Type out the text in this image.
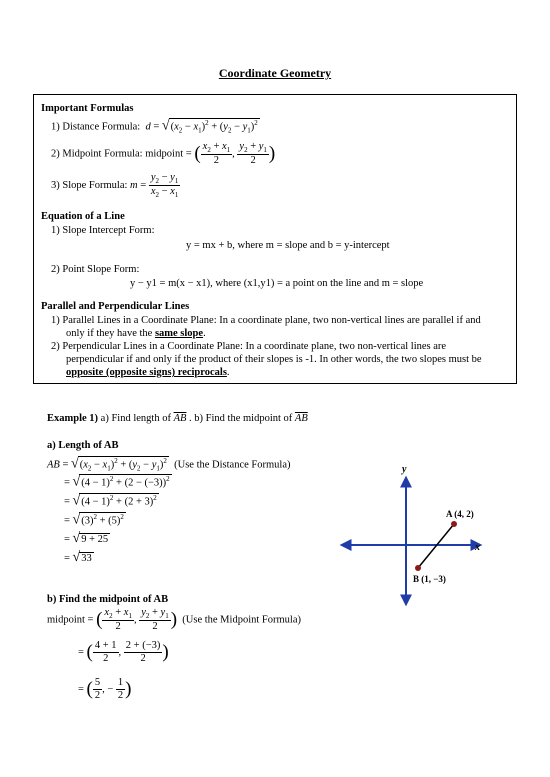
Coordinate Geometry
Important Formulas
1) Distance Formula:  $d = √(x_2 - x_1)^2 + (y_2 - y_1)^2$
2) Midpoint Formula: midpoint = ( $\frac{x_2 + x_1}{2}$ , $\frac{y_2 + y_1}{2}$ )
3) Slope Formula: $m = \frac{y_2 - y_1}{x_2 - x_1}$
Equation of a Line
1) Slope Intercept Form:
y = mx + b, where m = slope and b = y-intercept
2) Point Slope Form:
y − y1 = m(x − x1), where (x1,y1) = a point on the line and m = slope
Parallel and Perpendicular Lines
1) Parallel Lines in a Coordinate Plane: In a coordinate plane, two non-vertical lines are parallel if and
only if they have the same slope.
2) Perpendicular Lines in a Coordinate Plane: In a coordinate plane, two non-vertical lines are
perpendicular if and only if the product of their slopes is -1. In other words, the two slopes must be
opposite (opposite signs) reciprocals.
Example 1) a) Find length of $\overline{AB}$ . b) Find the midpoint of $\overline{AB}$
a) Length of AB
AB = $√(x_2 - x_1)^2 + (y_2 - y_1)^2$ (Use the Distance Formula)
= $√(4 - 1)^2 + (2 - (-3))^2$
= $√(4 - 1)^2 + (2 + 3)^2$
= $√(3)^2 + (5)^2$
= √9 + 25
= √33
b) Find the midpoint of AB
midpoint = ( $\frac{x_2 + x_1}{2}$ , $\frac{y_2 + y_1}{2}$ ) (Use the Midpoint Formula)
= ( $\frac{4 + 1}{2}$ , $\frac{2 + (-3)}{2}$ )
= ( $\frac{5}{2}$ , − $\frac{1}{2}$ )
y
x
A (4, 2)
B (1, −3)
